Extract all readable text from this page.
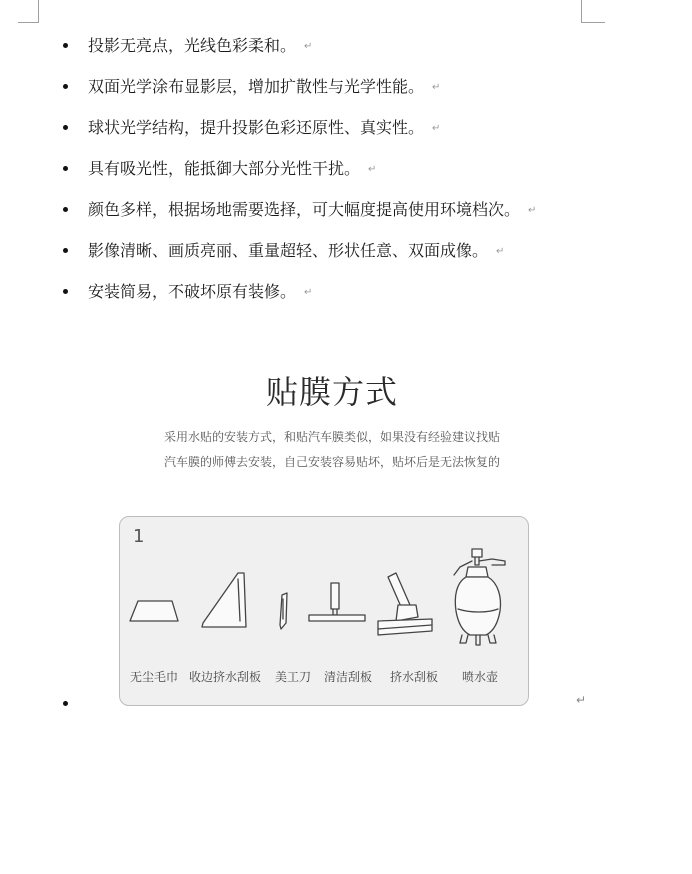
投影无亮点，光线色彩柔和。 ↵
双面光学涂布显影层，增加扩散性与光学性能。 ↵
球状光学结构，提升投影色彩还原性、真实性。 ↵
具有吸光性，能抵御大部分光性干扰。 ↵
颜色多样，根据场地需要选择，可大幅度提高使用环境档次。 ↵
影像清晰、画质亮丽、重量超轻、形状任意、双面成像。 ↵
安装简易，不破坏原有装修。 ↵
贴膜方式
采用水贴的安装方式，和贴汽车膜类似，如果没有经验建议找贴
汽车膜的师傅去安装，自己安装容易贴坏，贴坏后是无法恢复的
1
无尘毛巾 收边挤水刮板 美工刀 清洁刮板 挤水刮板 喷水壶
↵
